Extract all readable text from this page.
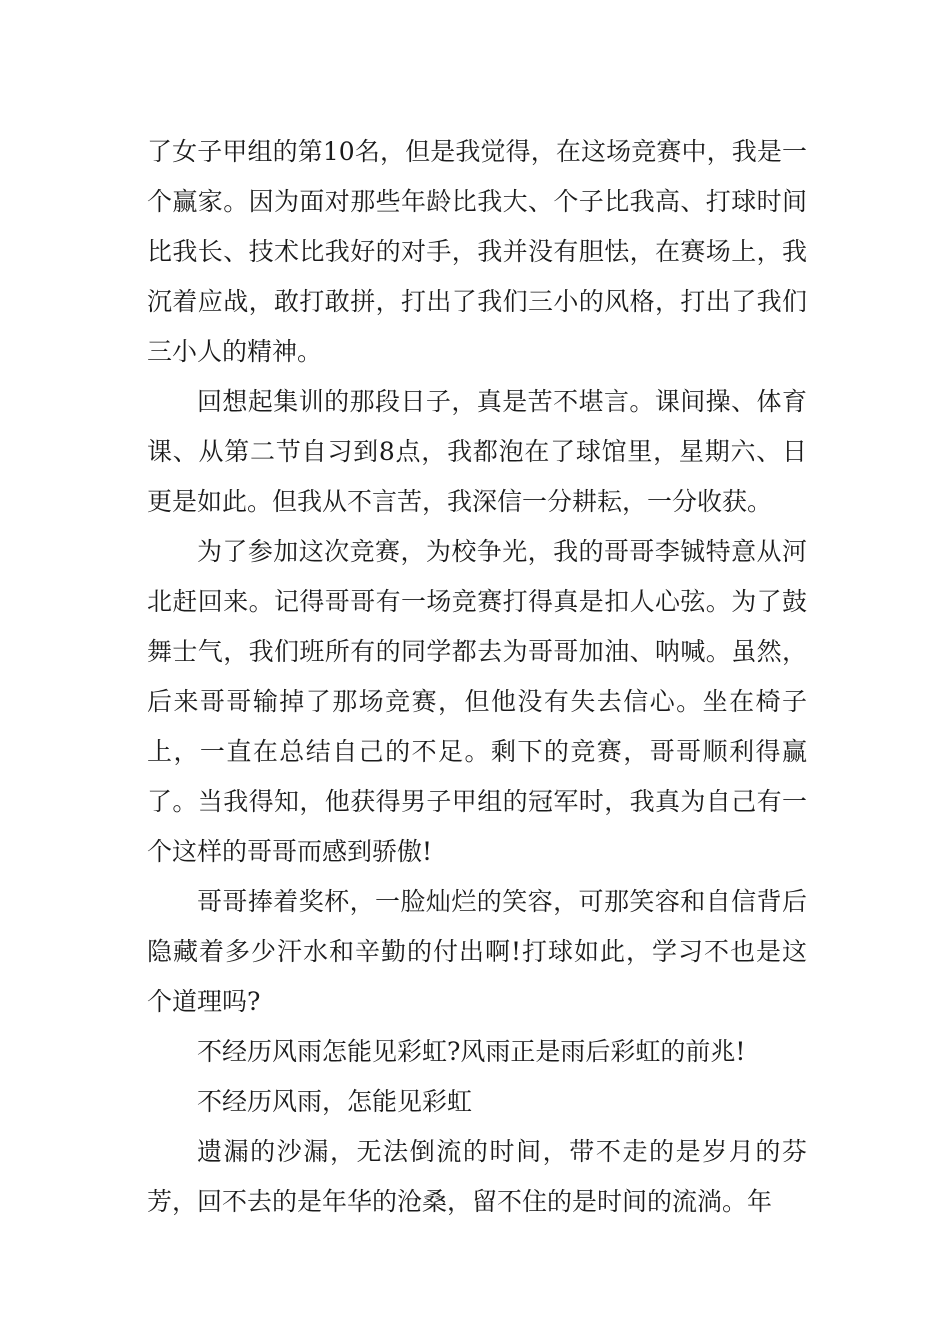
了女子甲组的第10名，但是我觉得，在这场竞赛中，我是一个赢家。因为面对那些年龄比我大、个子比我高、打球时间比我长、技术比我好的对手，我并没有胆怯，在赛场上，我沉着应战，敢打敢拼，打出了我们三小的风格，打出了我们三小人的精神。

回想起集训的那段日子，真是苦不堪言。课间操、体育课、从第二节自习到8点，我都泡在了球馆里，星期六、日更是如此。但我从不言苦，我深信一分耕耘，一分收获。

为了参加这次竞赛，为校争光，我的哥哥李铖特意从河北赶回来。记得哥哥有一场竞赛打得真是扣人心弦。为了鼓舞士气，我们班所有的同学都去为哥哥加油、呐喊。虽然，后来哥哥输掉了那场竞赛，但他没有失去信心。坐在椅子上，一直在总结自己的不足。剩下的竞赛，哥哥顺利得赢了。当我得知，他获得男子甲组的冠军时，我真为自己有一个这样的哥哥而感到骄傲!

哥哥捧着奖杯，一脸灿烂的笑容，可那笑容和自信背后隐藏着多少汗水和辛勤的付出啊!打球如此，学习不也是这个道理吗?

不经历风雨怎能见彩虹?风雨正是雨后彩虹的前兆!

不经历风雨，怎能见彩虹

遗漏的沙漏，无法倒流的时间，带不走的是岁月的芬芳，回不去的是年华的沧桑，留不住的是时间的流淌。年
